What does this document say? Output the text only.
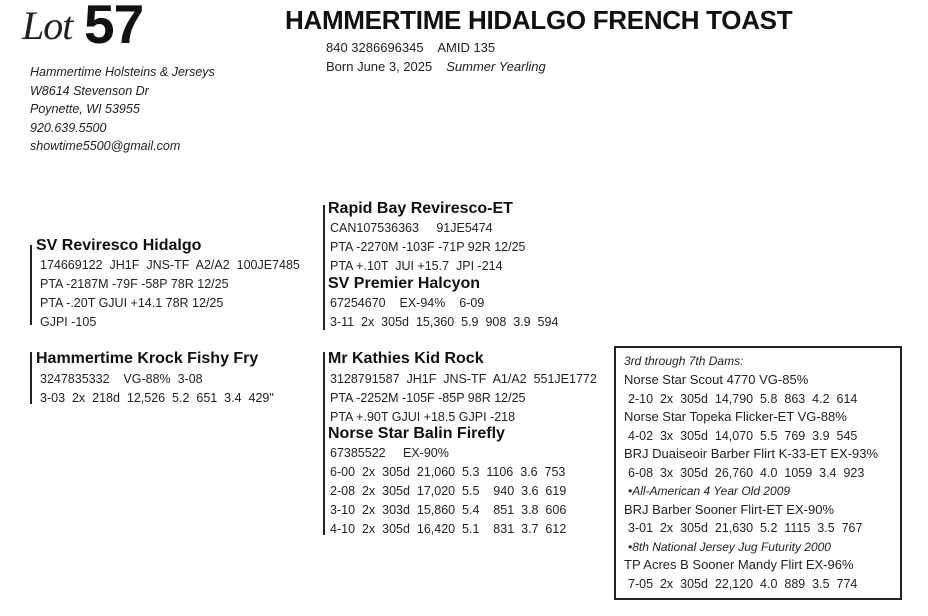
Lot 57	HAMMERTIME HIDALGO FRENCH TOAST
840 3286696345    AMID 135
Born June 3, 2025 Summer Yearling
Hammertime Holsteins & Jerseys
W8614 Stevenson Dr
Poynette, WI 53955
920.639.5500
showtime5500@gmail.com
SV Reviresco Hidalgo
174669122  JH1F  JNS-TF  A2/A2  100JE7485
PTA -2187M -79F -58P 78R 12/25
PTA -.20T GJUI +14.1 78R 12/25
GJPI -105
Rapid Bay Reviresco-ET
CAN107536363     91JE5474
PTA -2270M -103F -71P 92R 12/25
PTA +.10T  JUI +15.7  JPI -214
SV Premier Halcyon
67254670    EX-94%    6-09
3-11  2x  305d  15,360  5.9  908  3.9  594
Hammertime Krock Fishy Fry
3247835332    VG-88%  3-08
3-03  2x  218d  12,526  5.2  651  3.4  429"
Mr Kathies Kid Rock
3128791587  JH1F  JNS-TF  A1/A2  551JE1772
PTA -2252M -105F -85P 98R 12/25
PTA +.90T GJUI +18.5 GJPI -218
Norse Star Balin Firefly
67385522     EX-90%
6-00  2x  305d  21,060  5.3  1106  3.6  753
2-08  2x  305d  17,020  5.5    940  3.6  619
3-10  2x  303d  15,860  5.4    851  3.8  606
4-10  2x  305d  16,420  5.1    831  3.7  612
3rd through 7th Dams:
Norse Star Scout 4770 VG-85%
2-10  2x  305d  14,790  5.8  863  4.2  614
Norse Star Topeka Flicker-ET VG-88%
4-02  3x  305d  14,070  5.5  769  3.9  545
BRJ Duaiseoir Barber Flirt K-33-ET EX-93%
6-08  3x  305d  26,760  4.0  1059  3.4  923
•All-American 4 Year Old 2009
BRJ Barber Sooner Flirt-ET EX-90%
3-01  2x  305d  21,630  5.2  1115  3.5  767
•8th National Jersey Jug Futurity 2000
TP Acres B Sooner Mandy Flirt EX-96%
7-05  2x  305d  22,120  4.0  889  3.5  774
